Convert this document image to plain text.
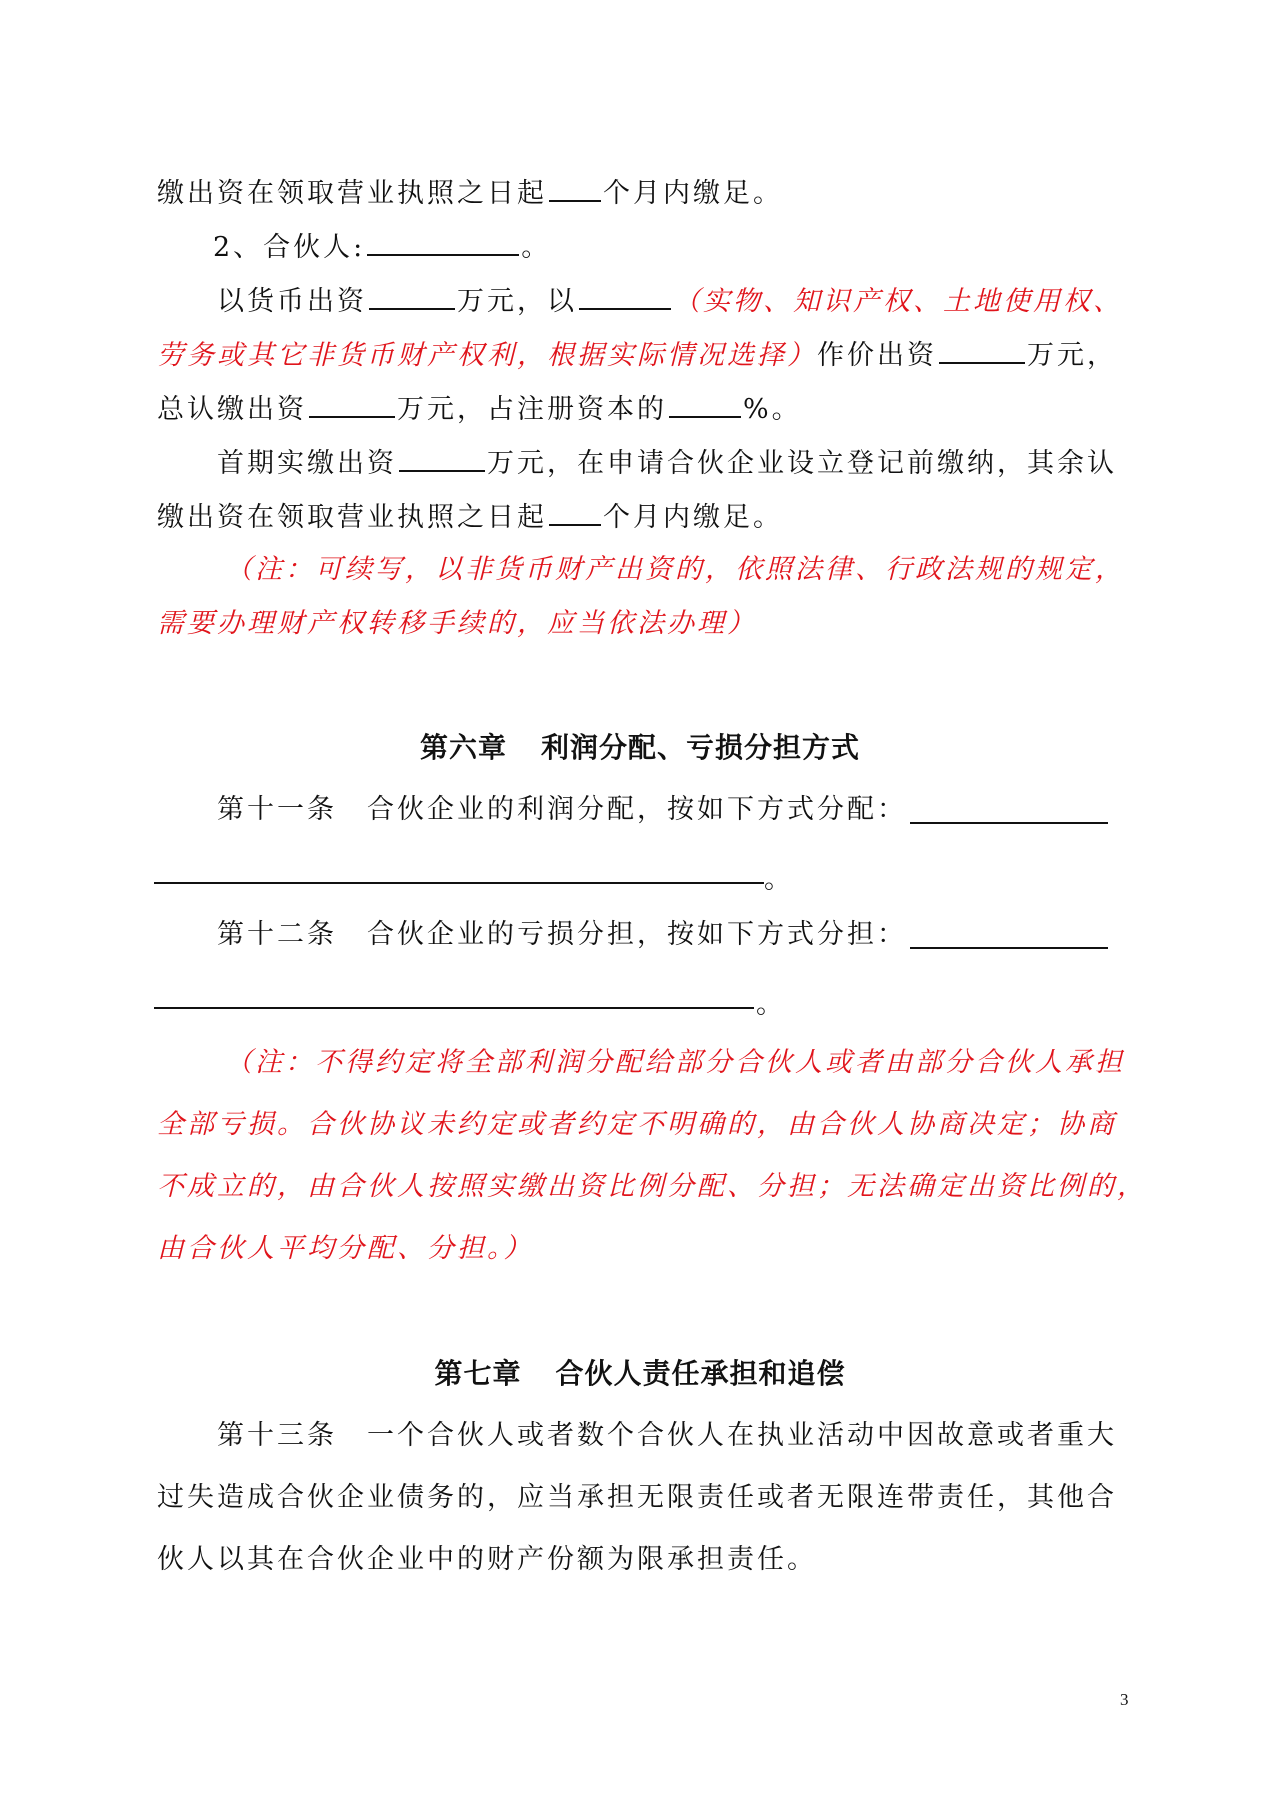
缴出资在领取营业执照之日起 个月内缴足。
2、合伙人:	。
以货币出资	万元，以	（实物、知识产权、土地使用权、
劳务或其它非货币财产权利，根据实际情况选择）作价出资	万元，
总认缴出资	万元，占注册资本的	%。
首期实缴出资	万元，在申请合伙企业设立登记前缴纳，其余认
缴出资在领取营业执照之日起 个月内缴足。
（注：可续写，以非货币财产出资的，依照法律、行政法规的规定，
需要办理财产权转移手续的，应当依法办理）
第六章 利润分配、亏损分担方式
第十一条 合伙企业的利润分配，按如下方式分配：
。
第十二条 合伙企业的亏损分担，按如下方式分担：
。
（注：不得约定将全部利润分配给部分合伙人或者由部分合伙人承担
全部亏损。合伙协议未约定或者约定不明确的，由合伙人协商决定；协商
不成立的，由合伙人按照实缴出资比例分配、分担；无法确定出资比例的，
由合伙人平均分配、分担。）
第七章 合伙人责任承担和追偿
第十三条 一个合伙人或者数个合伙人在执业活动中因故意或者重大
过失造成合伙企业债务的，应当承担无限责任或者无限连带责任，其他合
伙人以其在合伙企业中的财产份额为限承担责任。
3
